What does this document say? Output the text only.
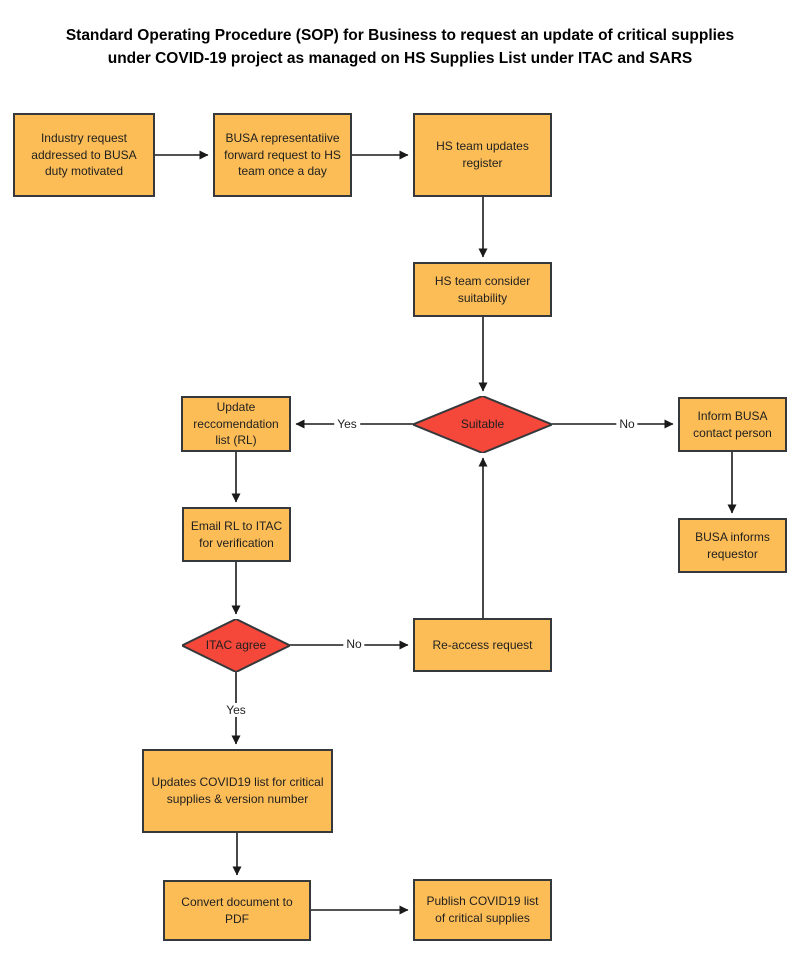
Standard Operating Procedure (SOP) for Business to request an update of critical supplies
under COVID-19 project as managed on HS Supplies List under ITAC and SARS
Industry request addressed to BUSA duty motivated
BUSA representatiive forward request to HS team once a day
HS team updates register
HS team consider suitability
Suitable
Update reccomendation list (RL)
Inform BUSA contact person
BUSA informs requestor
Email RL to ITAC for verification
ITAC agree	Re-access request
Updates COVID19 list for critical supplies & version number
Convert document to PDF
Publish COVID19 list of critical supplies
Yes	No
No
Yes
